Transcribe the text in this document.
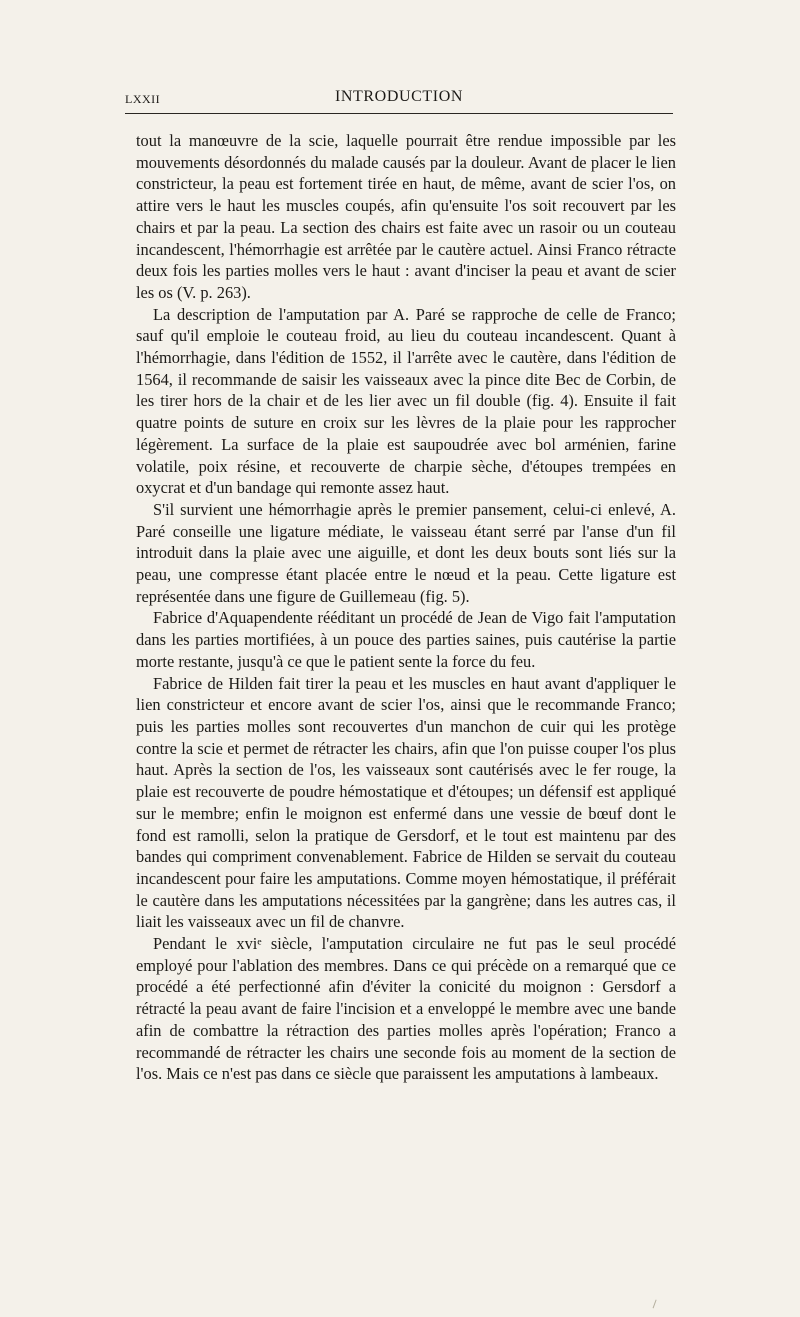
LXXII	INTRODUCTION

tout la manœuvre de la scie, laquelle pourrait être rendue impossible par les mouvements désordonnés du malade causés par la douleur. Avant de placer le lien constricteur, la peau est fortement tirée en haut, de même, avant de scier l'os, on attire vers le haut les muscles coupés, afin qu'ensuite l'os soit recouvert par les chairs et par la peau. La section des chairs est faite avec un rasoir ou un couteau incandescent, l'hémorrhagie est arrêtée par le cautère actuel. Ainsi Franco rétracte deux fois les parties molles vers le haut : avant d'inciser la peau et avant de scier les os (V. p. 263).

La description de l'amputation par A. Paré se rapproche de celle de Franco; sauf qu'il emploie le couteau froid, au lieu du couteau incandescent. Quant à l'hémorrhagie, dans l'édition de 1552, il l'arrête avec le cautère, dans l'édition de 1564, il recommande de saisir les vaisseaux avec la pince dite Bec de Corbin, de les tirer hors de la chair et de les lier avec un fil double (fig. 4). Ensuite il fait quatre points de suture en croix sur les lèvres de la plaie pour les rapprocher légèrement. La surface de la plaie est saupoudrée avec bol arménien, farine volatile, poix résine, et recouverte de charpie sèche, d'étoupes trempées en oxycrat et d'un bandage qui remonte assez haut.

S'il survient une hémorrhagie après le premier pansement, celui-ci enlevé, A. Paré conseille une ligature médiate, le vaisseau étant serré par l'anse d'un fil introduit dans la plaie avec une aiguille, et dont les deux bouts sont liés sur la peau, une compresse étant placée entre le nœud et la peau. Cette ligature est représentée dans une figure de Guillemeau (fig. 5).

Fabrice d'Aquapendente rééditant un procédé de Jean de Vigo fait l'amputation dans les parties mortifiées, à un pouce des parties saines, puis cautérise la partie morte restante, jusqu'à ce que le patient sente la force du feu.

Fabrice de Hilden fait tirer la peau et les muscles en haut avant d'appliquer le lien constricteur et encore avant de scier l'os, ainsi que le recommande Franco; puis les parties molles sont recouvertes d'un manchon de cuir qui les protège contre la scie et permet de rétracter les chairs, afin que l'on puisse couper l'os plus haut. Après la section de l'os, les vaisseaux sont cautérisés avec le fer rouge, la plaie est recouverte de poudre hémostatique et d'étoupes; un défensif est appliqué sur le membre; enfin le moignon est enfermé dans une vessie de bœuf dont le fond est ramolli, selon la pratique de Gersdorf, et le tout est maintenu par des bandes qui compriment convenablement. Fabrice de Hilden se servait du couteau incandescent pour faire les amputations. Comme moyen hémostatique, il préférait le cautère dans les amputations nécessitées par la gangrène; dans les autres cas, il liait les vaisseaux avec un fil de chanvre.

Pendant le xviᵉ siècle, l'amputation circulaire ne fut pas le seul procédé employé pour l'ablation des membres. Dans ce qui précède on a remarqué que ce procédé a été perfectionné afin d'éviter la conicité du moignon : Gersdorf a rétracté la peau avant de faire l'incision et a enveloppé le membre avec une bande afin de combattre la rétraction des parties molles après l'opération; Franco a recommandé de rétracter les chairs une seconde fois au moment de la section de l'os. Mais ce n'est pas dans ce siècle que paraissent les amputations à lambeaux.
